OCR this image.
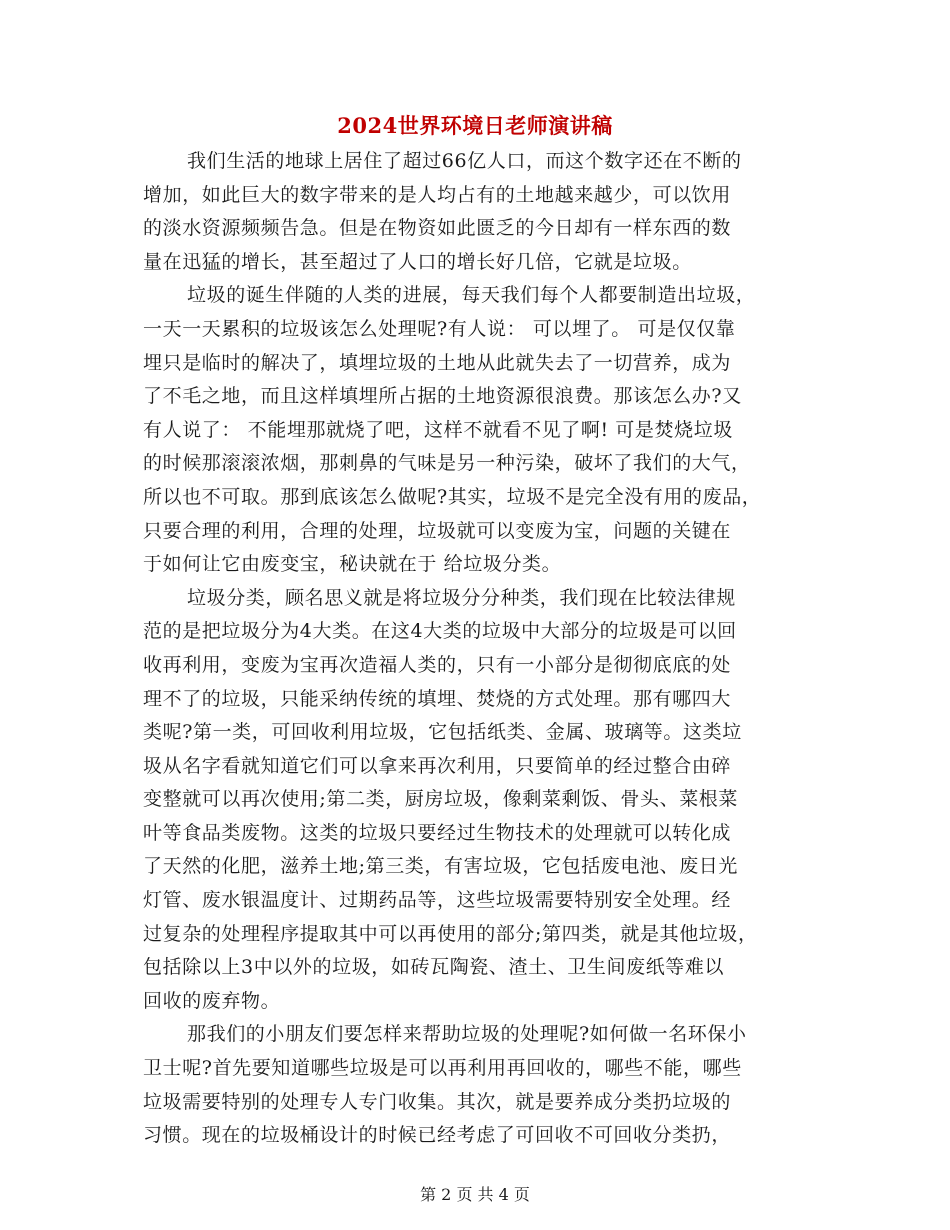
2024世界环境日老师演讲稿
我们生活的地球上居住了超过66亿人口，而这个数字还在不断的
增加，如此巨大的数字带来的是人均占有的土地越来越少，可以饮用
的淡水资源频频告急。但是在物资如此匮乏的今日却有一样东西的数
量在迅猛的增长，甚至超过了人口的增长好几倍，它就是垃圾。
垃圾的诞生伴随的人类的进展，每天我们每个人都要制造出垃圾，
一天一天累积的垃圾该怎么处理呢?有人说： 可以埋了。 可是仅仅靠
埋只是临时的解决了，填埋垃圾的土地从此就失去了一切营养，成为
了不毛之地，而且这样填埋所占据的土地资源很浪费。那该怎么办?又
有人说了： 不能埋那就烧了吧，这样不就看不见了啊! 可是焚烧垃圾
的时候那滚滚浓烟，那刺鼻的气味是另一种污染，破坏了我们的大气，
所以也不可取。那到底该怎么做呢?其实，垃圾不是完全没有用的废品，
只要合理的利用，合理的处理，垃圾就可以变废为宝，问题的关键在
于如何让它由废变宝，秘诀就在于 给垃圾分类。
垃圾分类，顾名思义就是将垃圾分分种类，我们现在比较法律规
范的是把垃圾分为4大类。在这4大类的垃圾中大部分的垃圾是可以回
收再利用，变废为宝再次造福人类的，只有一小部分是彻彻底底的处
理不了的垃圾，只能采纳传统的填埋、焚烧的方式处理。那有哪四大
类呢?第一类，可回收利用垃圾，它包括纸类、金属、玻璃等。这类垃
圾从名字看就知道它们可以拿来再次利用，只要简单的经过整合由碎
变整就可以再次使用;第二类，厨房垃圾，像剩菜剩饭、骨头、菜根菜
叶等食品类废物。这类的垃圾只要经过生物技术的处理就可以转化成
了天然的化肥，滋养土地;第三类，有害垃圾，它包括废电池、废日光
灯管、废水银温度计、过期药品等，这些垃圾需要特别安全处理。经
过复杂的处理程序提取其中可以再使用的部分;第四类，就是其他垃圾，
包括除以上3中以外的垃圾，如砖瓦陶瓷、渣土、卫生间废纸等难以
回收的废弃物。
那我们的小朋友们要怎样来帮助垃圾的处理呢?如何做一名环保小
卫士呢?首先要知道哪些垃圾是可以再利用再回收的，哪些不能，哪些
垃圾需要特别的处理专人专门收集。其次，就是要养成分类扔垃圾的
习惯。现在的垃圾桶设计的时候已经考虑了可回收不可回收分类扔，
第 2 页 共 4 页
